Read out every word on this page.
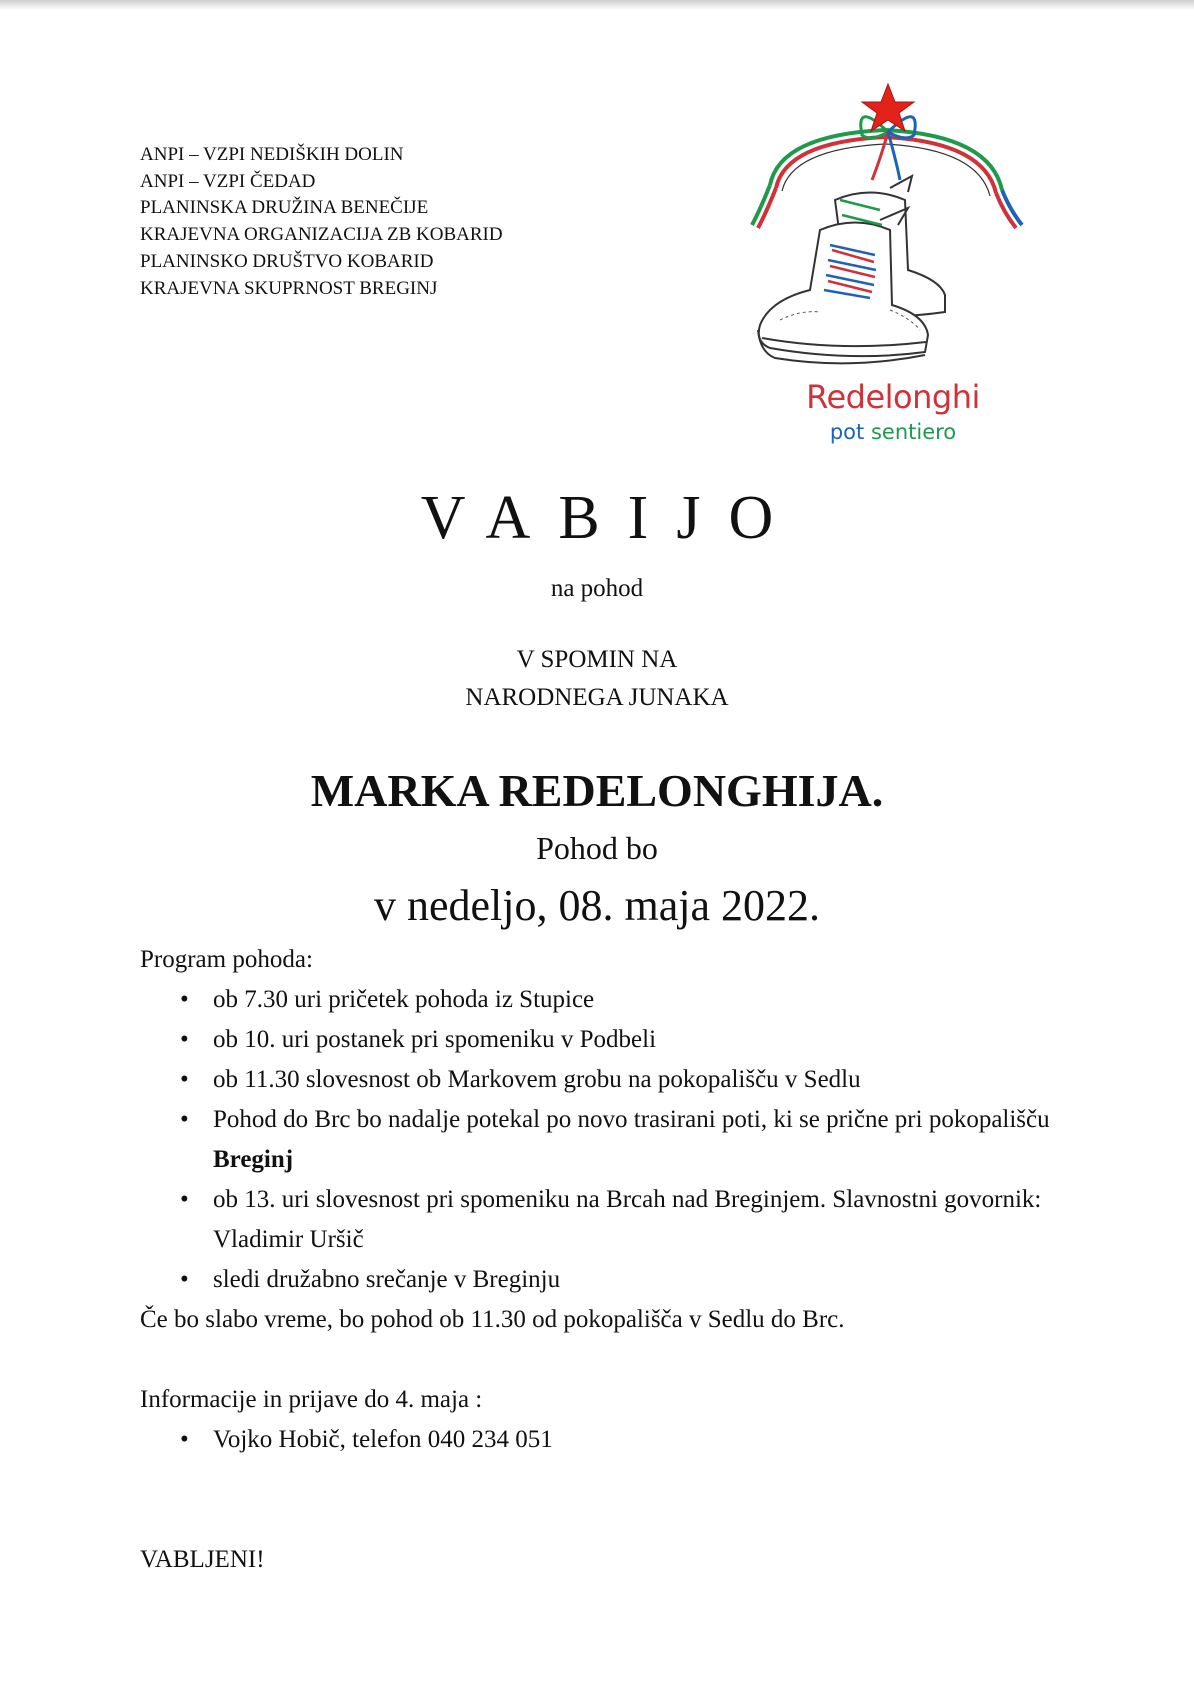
ANPI – VZPI NEDIŠKIH DOLIN
ANPI – VZPI ČEDAD
PLANINSKA DRUŽINA BENEČIJE
KRAJEVNA ORGANIZACIJA ZB KOBARID
PLANINSKO DRUŠTVO KOBARID
KRAJEVNA SKUPRNOST BREGINJ
Redelonghi
pot sentiero
VABIJO
na pohod
V SPOMIN NA
NARODNEGA JUNAKA
MARKA REDELONGHIJA.
Pohod bo
v nedeljo, 08. maja 2022.
Program pohoda:
• ob 7.30 uri pričetek pohoda iz Stupice
• ob 10. uri postanek pri spomeniku v Podbeli
• ob 11.30 slovesnost ob Markovem grobu na pokopališču v Sedlu
• Pohod do Brc bo nadalje potekal po novo trasirani poti, ki se prične pri pokopališču Breginj
• ob 13. uri slovesnost pri spomeniku na Brcah nad Breginjem. Slavnostni govornik: Vladimir Uršič
• sledi družabno srečanje v Breginju
Če bo slabo vreme, bo pohod ob 11.30 od pokopališča v Sedlu do Brc.
Informacije in prijave do 4. maja :
• Vojko Hobič, telefon 040 234 051
VABLJENI!
